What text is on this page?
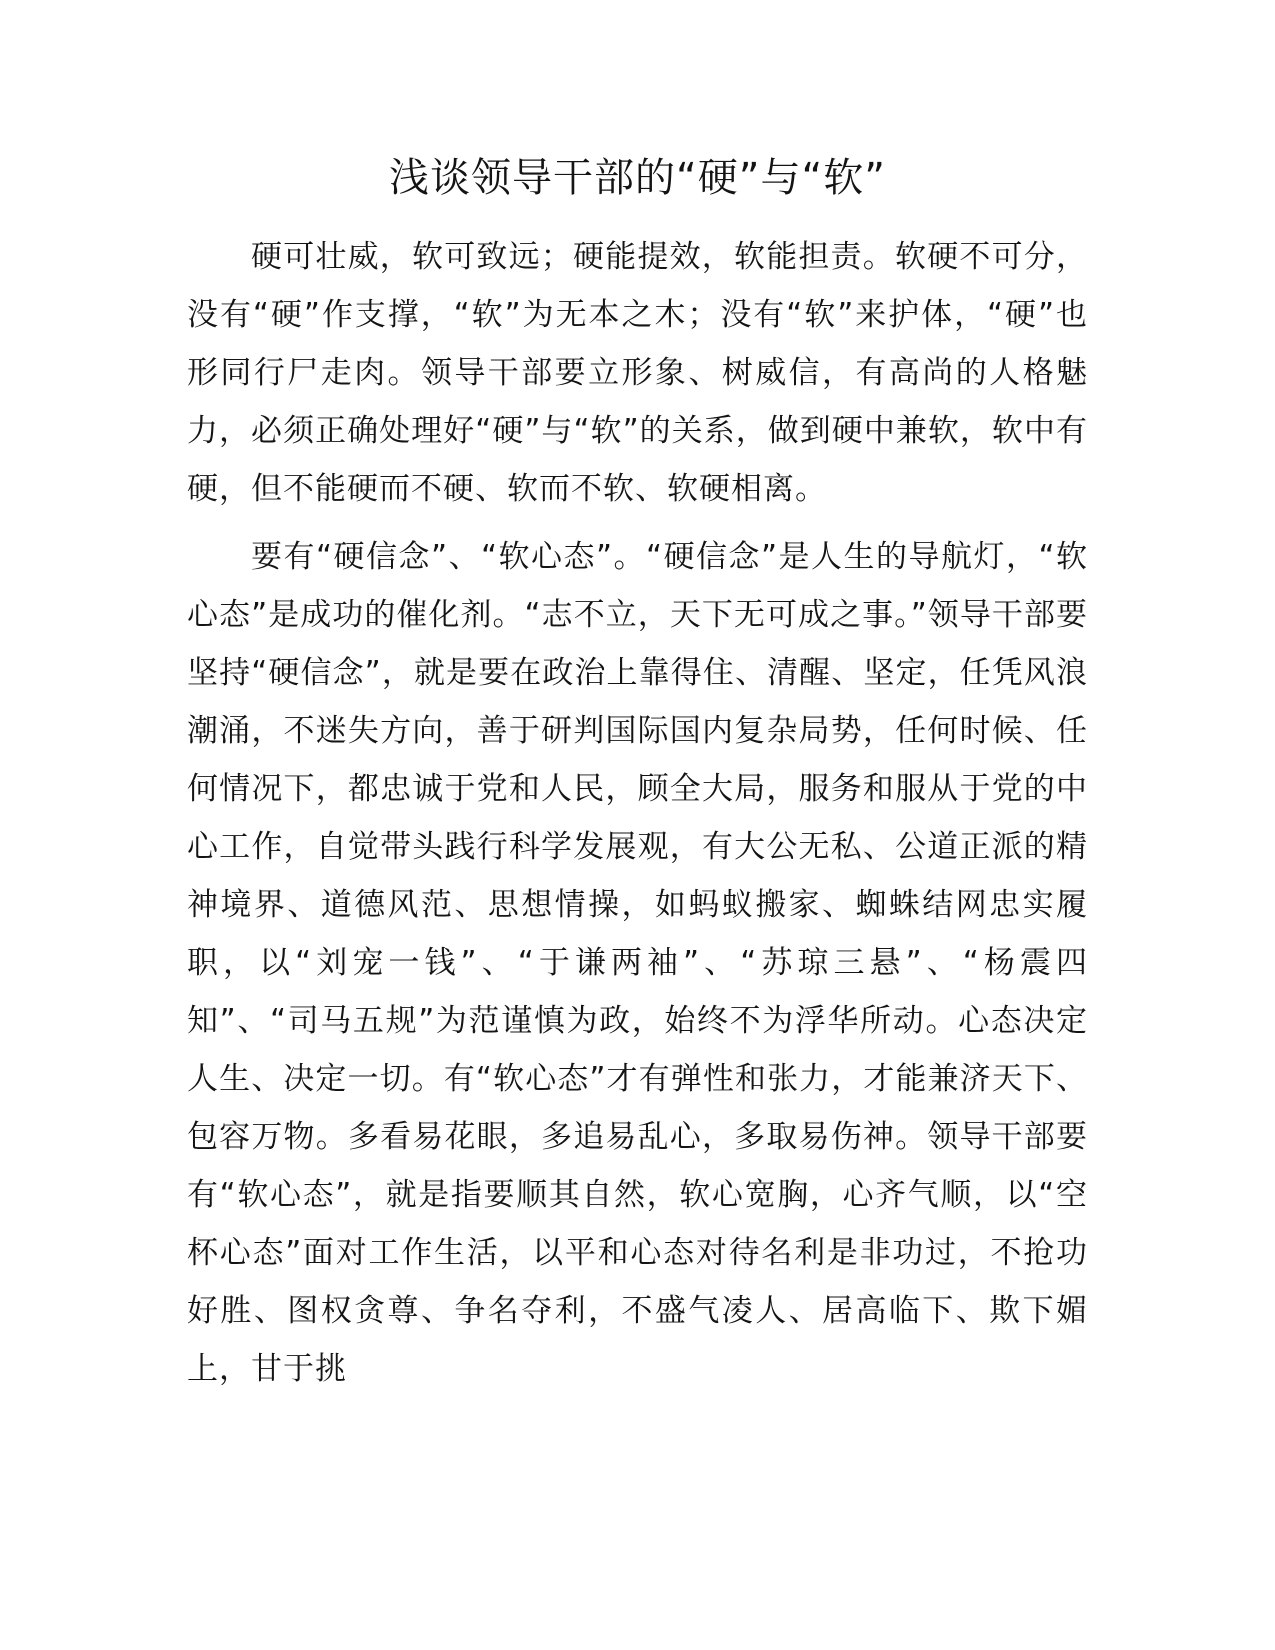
浅谈领导干部的“硬”与“软”

硬可壮威，软可致远；硬能提效，软能担责。软硬不可分，没有“硬”作支撑，“软”为无本之木；没有“软”来护体，“硬”也形同行尸走肉。领导干部要立形象、树威信，有高尚的人格魅力，必须正确处理好“硬”与“软”的关系，做到硬中兼软，软中有硬，但不能硬而不硬、软而不软、软硬相离。

要有“硬信念”、“软心态”。“硬信念”是人生的导航灯，“软心态”是成功的催化剂。“志不立，天下无可成之事。”领导干部要坚持“硬信念”，就是要在政治上靠得住、清醒、坚定，任凭风浪潮涌，不迷失方向，善于研判国际国内复杂局势，任何时候、任何情况下，都忠诚于党和人民，顾全大局，服务和服从于党的中心工作，自觉带头践行科学发展观，有大公无私、公道正派的精神境界、道德风范、思想情操，如蚂蚁搬家、蜘蛛结网忠实履职，以“刘宠一钱”、“于谦两袖”、“苏琼三悬”、“杨震四知”、“司马五规”为范谨慎为政，始终不为浮华所动。心态决定人生、决定一切。有“软心态”才有弹性和张力，才能兼济天下、包容万物。多看易花眼，多追易乱心，多取易伤神。领导干部要有“软心态”，就是指要顺其自然，软心宽胸，心齐气顺，以“空杯心态”面对工作生活，以平和心态对待名利是非功过，不抢功好胜、图权贪尊、争名夺利，不盛气凌人、居高临下、欺下媚上，甘于挑
